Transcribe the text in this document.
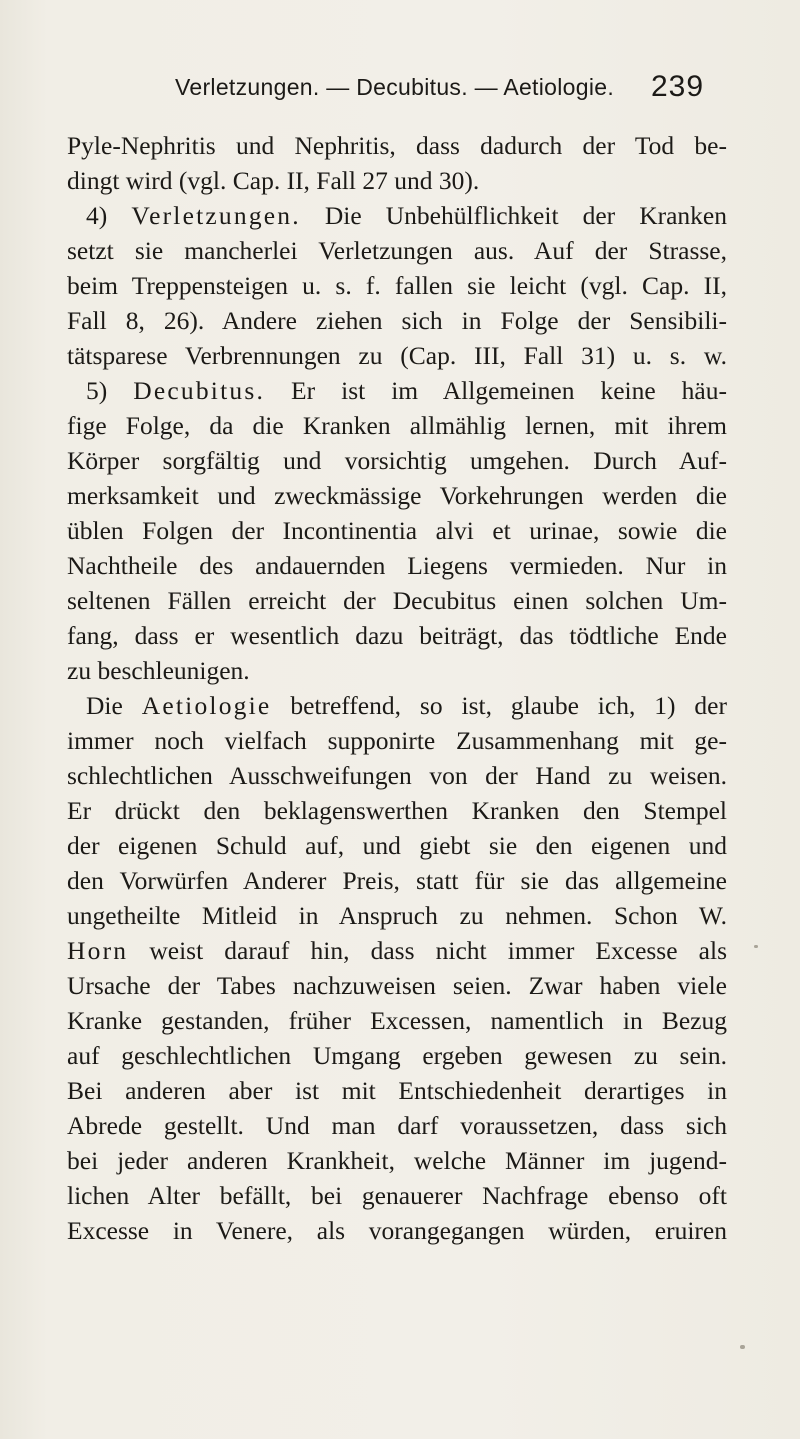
Verletzungen. — Decubitus. — Aetiologie. 239
Pyle-Nephritis und Nephritis, dass dadurch der Tod be-
dingt wird (vgl. Cap. II, Fall 27 und 30).
4) Verletzungen. Die Unbehülflichkeit der Kranken
setzt sie mancherlei Verletzungen aus. Auf der Strasse,
beim Treppensteigen u. s. f. fallen sie leicht (vgl. Cap. II,
Fall 8, 26). Andere ziehen sich in Folge der Sensibili-
tätsparese Verbrennungen zu (Cap. III, Fall 31) u. s. w.
5) Decubitus. Er ist im Allgemeinen keine häu-
fige Folge, da die Kranken allmählig lernen, mit ihrem
Körper sorgfältig und vorsichtig umgehen. Durch Auf-
merksamkeit und zweckmässige Vorkehrungen werden die
üblen Folgen der Incontinentia alvi et urinae, sowie die
Nachtheile des andauernden Liegens vermieden. Nur in
seltenen Fällen erreicht der Decubitus einen solchen Um-
fang, dass er wesentlich dazu beiträgt, das tödtliche Ende
zu beschleunigen.
Die Aetiologie betreffend, so ist, glaube ich, 1) der
immer noch vielfach supponirte Zusammenhang mit ge-
schlechtlichen Ausschweifungen von der Hand zu weisen.
Er drückt den beklagenswerthen Kranken den Stempel
der eigenen Schuld auf, und giebt sie den eigenen und
den Vorwürfen Anderer Preis, statt für sie das allgemeine
ungetheilte Mitleid in Anspruch zu nehmen. Schon W.
Horn weist darauf hin, dass nicht immer Excesse als
Ursache der Tabes nachzuweisen seien. Zwar haben viele
Kranke gestanden, früher Excessen, namentlich in Bezug
auf geschlechtlichen Umgang ergeben gewesen zu sein.
Bei anderen aber ist mit Entschiedenheit derartiges in
Abrede gestellt. Und man darf voraussetzen, dass sich
bei jeder anderen Krankheit, welche Männer im jugend-
lichen Alter befällt, bei genauerer Nachfrage ebenso oft
Excesse in Venere, als vorangegangen würden, eruiren
